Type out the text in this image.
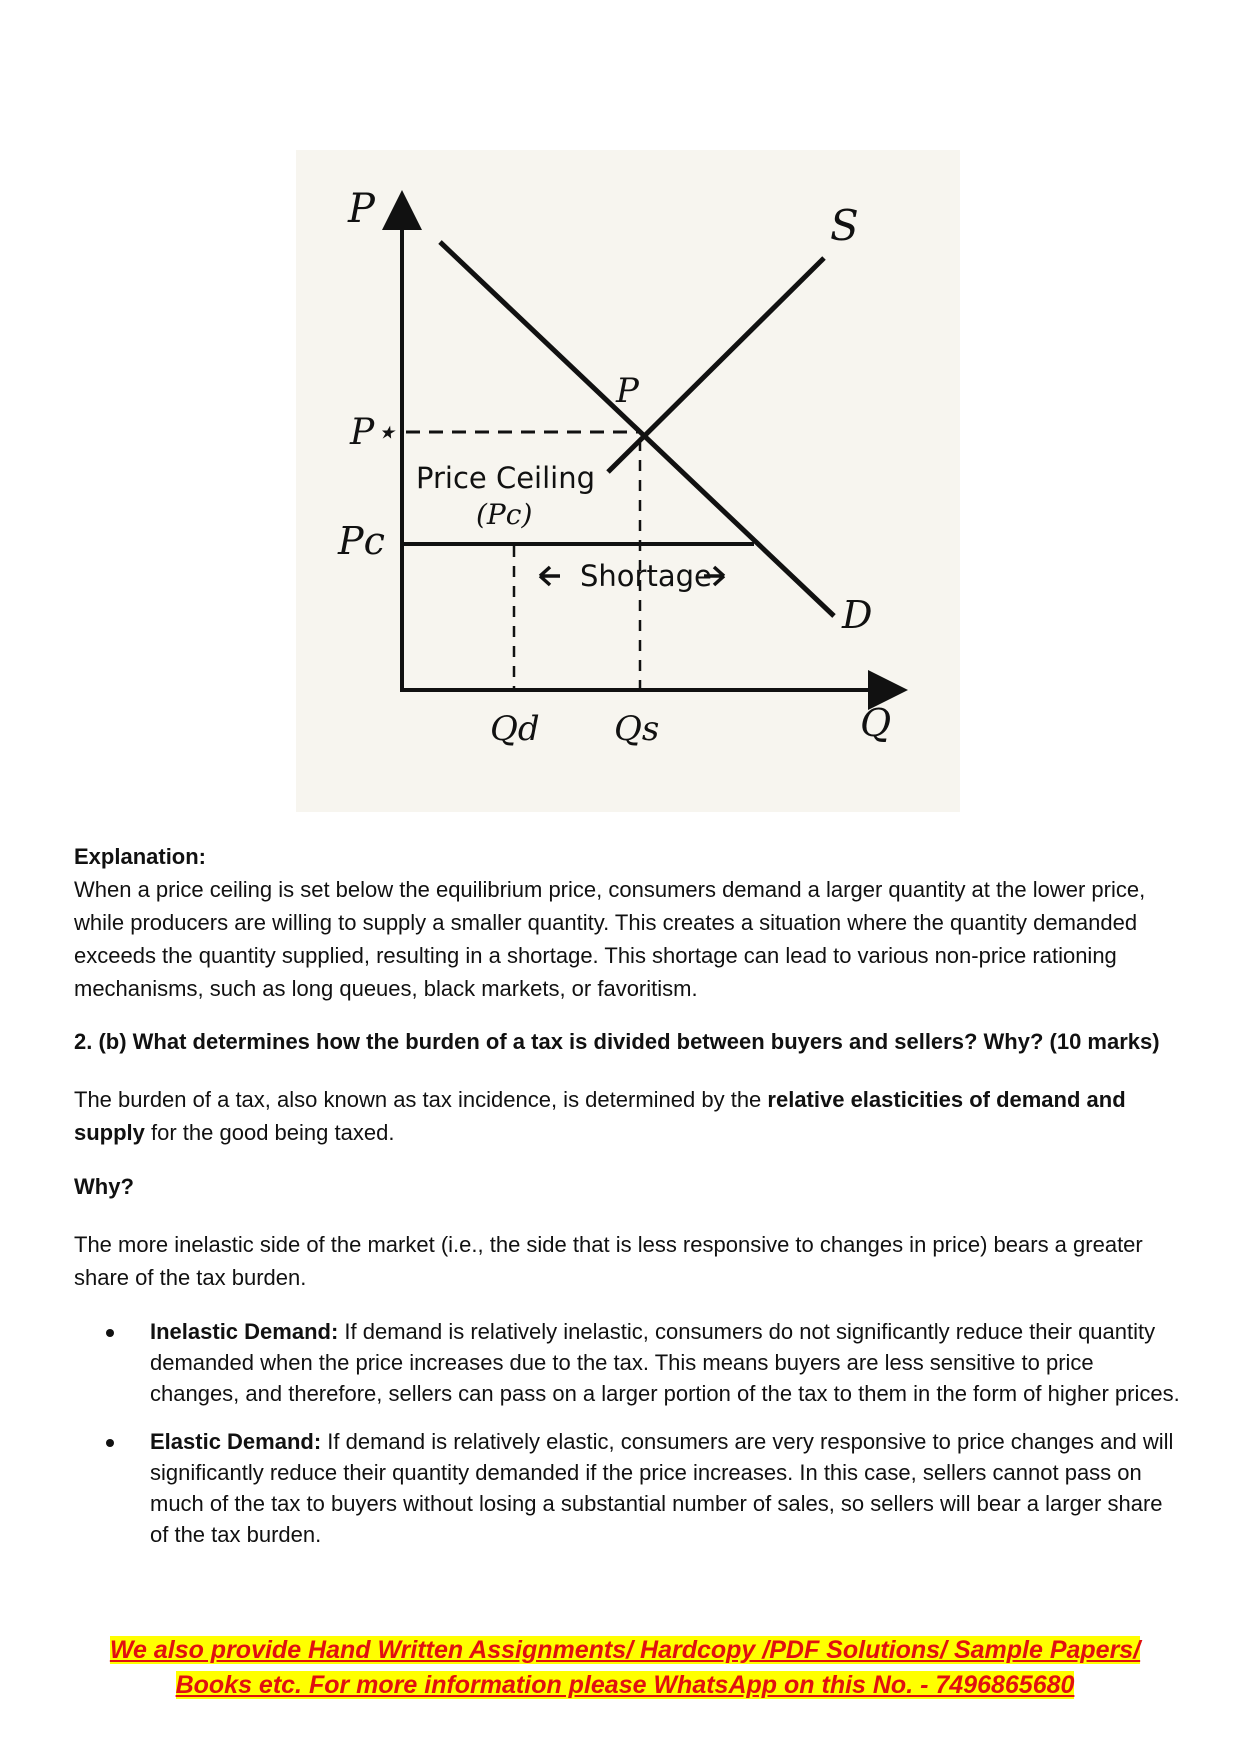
P
Q
S
D
P
P⋆
Pc
Price Ceiling
(Pc)
Shortage
Qd Qs
Explanation:
When a price ceiling is set below the equilibrium price, consumers demand a larger quantity at the lower price, while producers are willing to supply a smaller quantity. This creates a situation where the quantity demanded exceeds the quantity supplied, resulting in a shortage. This shortage can lead to various non-price rationing mechanisms, such as long queues, black markets, or favoritism.
2. (b) What determines how the burden of a tax is divided between buyers and sellers? Why? (10 marks)
The burden of a tax, also known as tax incidence, is determined by the relative elasticities of demand and supply for the good being taxed.
Why?
The more inelastic side of the market (i.e., the side that is less responsive to changes in price) bears a greater share of the tax burden.
Inelastic Demand: If demand is relatively inelastic, consumers do not significantly reduce their quantity demanded when the price increases due to the tax. This means buyers are less sensitive to price changes, and therefore, sellers can pass on a larger portion of the tax to them in the form of higher prices.
Elastic Demand: If demand is relatively elastic, consumers are very responsive to price changes and will significantly reduce their quantity demanded if the price increases. In this case, sellers cannot pass on much of the tax to buyers without losing a substantial number of sales, so sellers will bear a larger share of the tax burden.
We also provide Hand Written Assignments/ Hardcopy /PDF Solutions/ Sample Papers/
Books etc. For more information please WhatsApp on this No. - 7496865680
